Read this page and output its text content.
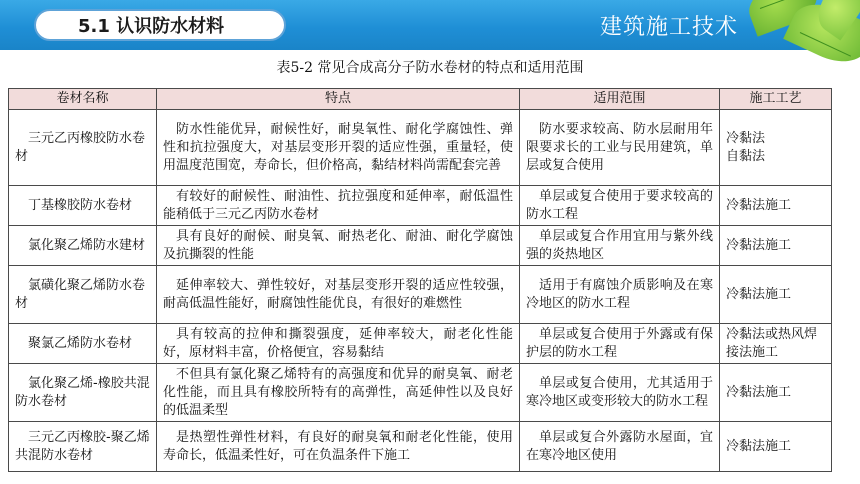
5.1 认识防水材料	建筑施工技术
表5-2 常见合成高分子防水卷材的特点和适用范围
卷材名称	特点	适用范围	施工工艺
三元乙丙橡胶防水卷材	防水性能优异，耐候性好，耐臭氧性、耐化学腐蚀性、弹性和抗拉强度大，对基层变形开裂的适应性强，重量轻，使用温度范围宽，寿命长，但价格高，黏结材料尚需配套完善	防水要求较高、防水层耐用年限要求长的工业与民用建筑，单层或复合使用	冷黏法
自黏法

丁基橡胶防水卷材	有较好的耐候性、耐油性、抗拉强度和延伸率，耐低温性能稍低于三元乙丙防水卷材	单层或复合使用于要求较高的防水工程	冷黏法施工
氯化聚乙烯防水建材	具有良好的耐候、耐臭氧、耐热老化、耐油、耐化学腐蚀及抗撕裂的性能	单层或复合作用宜用与紫外线强的炎热地区	冷黏法施工
氯磺化聚乙烯防水卷材	延伸率较大、弹性较好，对基层变形开裂的适应性较强，耐高低温性能好，耐腐蚀性能优良，有很好的难燃性	适用于有腐蚀介质影响及在寒冷地区的防水工程	冷黏法施工
聚氯乙烯防水卷材	具有较高的拉伸和撕裂强度，延伸率较大，耐老化性能好，原材料丰富，价格便宜，容易黏结	单层或复合使用于外露或有保护层的防水工程	冷黏法或热风焊接法施工
氯化聚乙烯-橡胶共混防水卷材	不但具有氯化聚乙烯特有的高强度和优异的耐臭氧、耐老化性能，而且具有橡胶所特有的高弹性，高延伸性以及良好的低温柔型	单层或复合使用，尤其适用于寒冷地区或变形较大的防水工程	冷黏法施工
三元乙丙橡胶-聚乙烯共混防水卷材	是热塑性弹性材料，有良好的耐臭氧和耐老化性能，使用寿命长，低温柔性好，可在负温条件下施工	单层或复合外露防水屋面，宜在寒冷地区使用	冷黏法施工
